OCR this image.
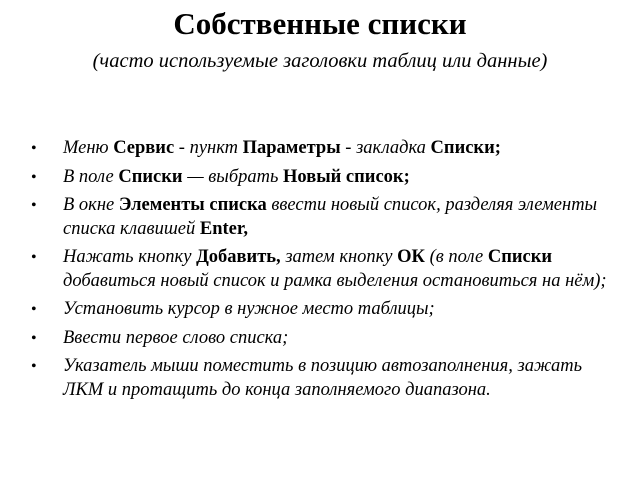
Собственные списки
(часто используемые заголовки таблиц или данные)
• Меню Сервис - пункт Параметры - закладка Списки;
• В поле Списки — выбрать Новый список;
• В окне Элементы списка ввести новый список, разделяя элементы списка клавишей Enter,
• Нажать кнопку Добавить, затем кнопку ОК (в поле Списки добавиться новый список и рамка выделения остановиться на нём);
• Установить курсор в нужное место таблицы;
• Ввести первое слово списка;
• Указатель мыши поместить в позицию автозаполнения, зажать ЛКМ и протащить до конца заполняемого диапазона.
